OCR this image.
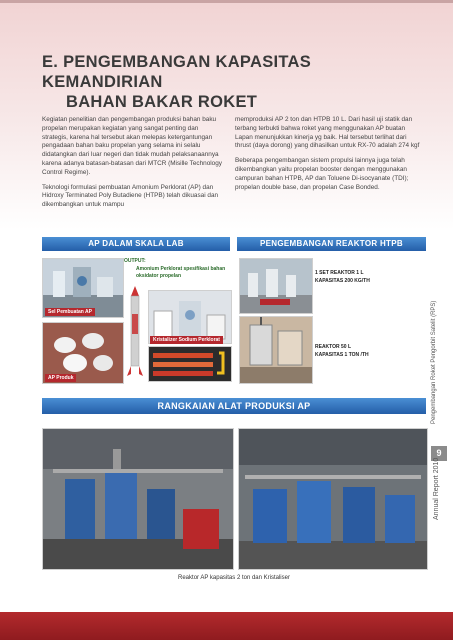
E. PENGEMBANGAN KAPASITAS KEMANDIRIAN
BAHAN BAKAR ROKET

Kegiatan penelitian dan pengembangan produksi bahan baku propelan merupakan kegiatan yang sangat penting dan strategis, karena hal tersebut akan melepas ketergantungan pengadaan bahan baku propelan yang selama ini selalu didatangkan dari luar negeri dan tidak mudah pelaksanaannya karena adanya batasan-batasan dari MTCR (Misille Technology Control Regime).

Teknologi formulasi pembuatan Amonium Perklorat (AP) dan Hidroxy Terminated Poly Butadiene (HTPB) telah dikuasai dan dikembangkan untuk mampu

memproduksi AP 2 ton dan HTPB 10 L. Dari hasil uji statik dan terbang terbukti bahwa roket yang menggunakan AP buatan Lapan menunjukkan kinerja yg baik. Hal tersebut terlihat dari thrust (daya dorong) yang dihasilkan untuk RX-70 adalah 274 kgf

Beberapa pengembangan sistem propulsi lainnya juga telah dikembangkan yaitu propelan booster dengan menggunakan campuran bahan HTPB, AP dan Toluene Di-isocyanate (TDI); propelan double base, dan propelan Case Bonded.

AP DALAM SKALA LAB
Sel Pembuatan AP
AP Produk
OUTPUT:
Amonium Perklorat spesifikasi bahan oksidator propelan
Kristalizer Sodium Perklorat
PENGEMBANGAN REAKTOR HTPB
1 SET REAKTOR 1 L
KAPASITAS 200 KG/TH
REAKTOR 50 L
KAPASITAS 1 TON /TH
RANGKAIAN ALAT PRODUKSI AP
Reaktor AP kapasitas 2 ton dan Kristaliser
Pengembangan Roket Pengorbit Satelit (RPS)
9
Annual Report 2010
